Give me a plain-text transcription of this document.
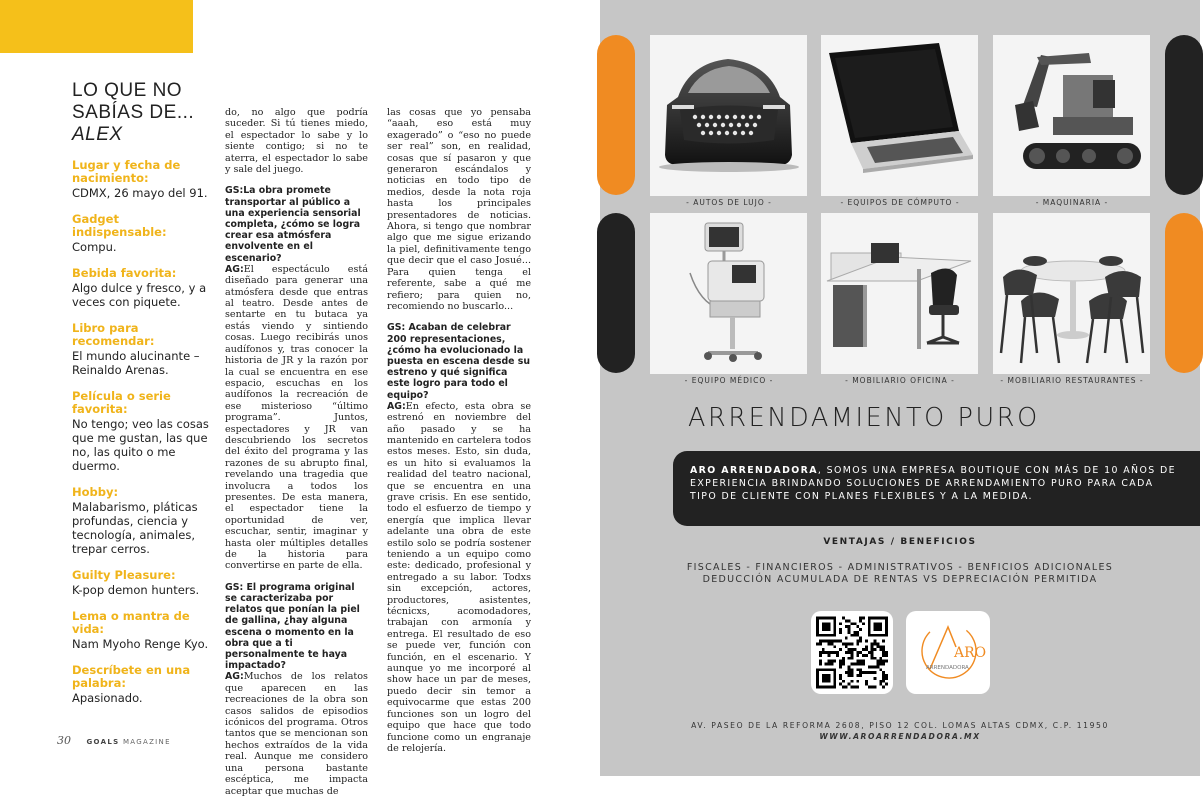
LO QUE NO
SABÍAS DE...
ALEX
Lugar y fecha de nacimiento:
CDMX, 26 mayo del 91.
Gadget indispensable:
Compu.
Bebida favorita:
Algo dulce y fresco, y a veces con piquete.
Libro para recomendar:
El mundo alucinante – Reinaldo Arenas.
Película o serie favorita:
No tengo; veo las cosas que me gustan, las que no, las quito o me duermo.
Hobby:
Malabarismo, pláticas profundas, ciencia y tecnología, animales, trepar cerros.
Guilty Pleasure:
K-pop demon hunters.
Lema o mantra de vida:
Nam Myoho Renge Kyo.
Descríbete en una palabra:
Apasionado.

do, no algo que podría suceder. Si tú tienes miedo, el espectador lo sabe y lo siente contigo; si no te aterra, el espectador lo sabe y sale del juego.

GS:La obra promete transportar al público a una experiencia sensorial completa, ¿cómo se logra crear esa atmósfera envolvente en el escenario?

AG:El espectáculo está diseñado para generar una atmósfera desde que entras al teatro. Desde antes de sentarte en tu butaca ya estás viendo y sintiendo cosas. Luego recibirás unos audífonos y, tras conocer la historia de JR y la razón por la cual se encuentra en ese espacio, escuchas en los audífonos la recreación de ese misterioso “último programa”. Juntos, espectadores y JR van descubriendo los secretos del éxito del programa y las razones de su abrupto final, revelando una tragedia que involucra a todos los presentes. De esta manera, el espectador tiene la oportunidad de ver, escuchar, sentir, imaginar y hasta oler múltiples detalles de la historia para convertirse en parte de ella.

GS: El programa original se caracterizaba por relatos que ponían la piel de gallina, ¿hay alguna escena o momento en la obra que a ti personalmente te haya impactado?

AG:Muchos de los relatos que aparecen en las recreaciones de la obra son casos salidos de episodios icónicos del programa. Otros tantos que se mencionan son hechos extraídos de la vida real. Aunque me considero una persona bastante escéptica, me impacta aceptar que muchas de

las cosas que yo pensaba “aaah, eso está muy exagerado” o “eso no puede ser real” son, en realidad, cosas que sí pasaron y que generaron escándalos y noticias en todo tipo de medios, desde la nota roja hasta los principales presentadores de noticias. Ahora, si tengo que nombrar algo que me sigue erizando la piel, definitivamente tengo que decir que el caso Josué... Para quien tenga el referente, sabe a qué me refiero; para quien no, recomiendo no buscarlo...

GS: Acaban de celebrar 200 representaciones, ¿cómo ha evolucionado la puesta en escena desde su estreno y qué significa este logro para todo el equipo?

AG:En efecto, esta obra se estrenó en noviembre del año pasado y se ha mantenido en cartelera todos estos meses. Esto, sin duda, es un hito si evaluamos la realidad del teatro nacional, que se encuentra en una grave crisis. En ese sentido, todo el esfuerzo de tiempo y energía que implica llevar adelante una obra de este estilo solo se podría sostener teniendo a un equipo como este: dedicado, profesional y entregado a su labor. Todxs sin excepción, actores, productores, asistentes, técnicxs, acomodadores, trabajan con armonía y entrega. El resultado de eso se puede ver, función con función, en el escenario. Y aunque yo me incorporé al show hace un par de meses, puedo decir sin temor a equivocarme que estas 200 funciones son un logro del equipo que hace que todo funcione como un engranaje de relojería.

30 GOALS MAGAZINE
- AUTOS DE LUJO -	- EQUIPOS DE CÓMPUTO -	- MAQUINARIA -
- EQUIPO MÉDICO -	- MOBILIARIO OFICINA -	- MOBILIARIO RESTAURANTES -
ARRENDAMIENTO PURO
ARO ARRENDADORA, SOMOS UNA EMPRESA BOUTIQUE CON MÁS DE 10 AÑOS DE EXPERIENCIA BRINDANDO SOLUCIONES DE ARRENDAMIENTO PURO PARA CADA TIPO DE CLIENTE CON PLANES FLEXIBLES Y A LA MEDIDA.
VENTAJAS / BENEFICIOS
FISCALES - FINANCIEROS - ADMINISTRATIVOS - BENFICIOS ADICIONALES
DEDUCCIÓN ACUMULADA DE RENTAS VS DEPRECIACIÓN PERMITIDA
ARO
ARRENDADORA
AV. PASEO DE LA REFORMA 2608, PISO 12 COL. LOMAS ALTAS CDMX, C.P. 11950
WWW.AROARRENDADORA.MX
